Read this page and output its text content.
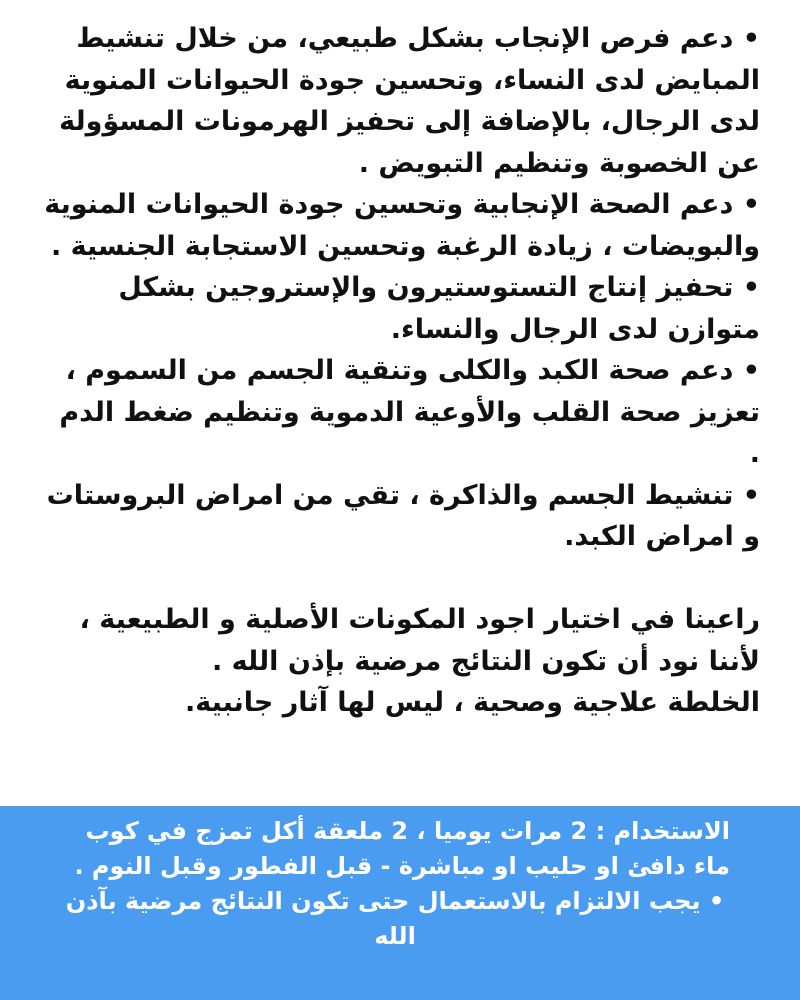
• دعم فرص الإنجاب بشكل طبيعي، من خلال تنشيط المبايض لدى النساء، وتحسين جودة الحيوانات المنوية لدى الرجال، بالإضافة إلى تحفيز الهرمونات المسؤولة عن الخصوبة وتنظيم التبويض .

• دعم الصحة الإنجابية وتحسين جودة الحيوانات المنوية والبويضات ، زيادة الرغبة وتحسين الاستجابة الجنسية .

• تحفيز إنتاج التستوستيرون والإستروجين بشكل متوازن لدى الرجال والنساء.

• دعم صحة الكبد والكلى وتنقية الجسم من السموم ، تعزيز صحة القلب والأوعية الدموية وتنظيم ضغط الدم .

• تنشيط الجسم والذاكرة ، تقي من امراض البروستات و امراض الكبد.

راعينا في اختيار اجود المكونات الأصلية و الطبيعية ،

لأننا نود أن تكون النتائج مرضية بإذن الله .

الخلطة علاجية وصحية ، ليس لها آثار جانبية.

الاستخدام : 2 مرات يوميا ، 2 ملعقة أكل تمزج في كوب ماء دافئ او حليب او مباشرة - قبل الفطور وقبل النوم .

• يجب الالتزام بالاستعمال حتى تكون النتائج مرضية بآذن الله
